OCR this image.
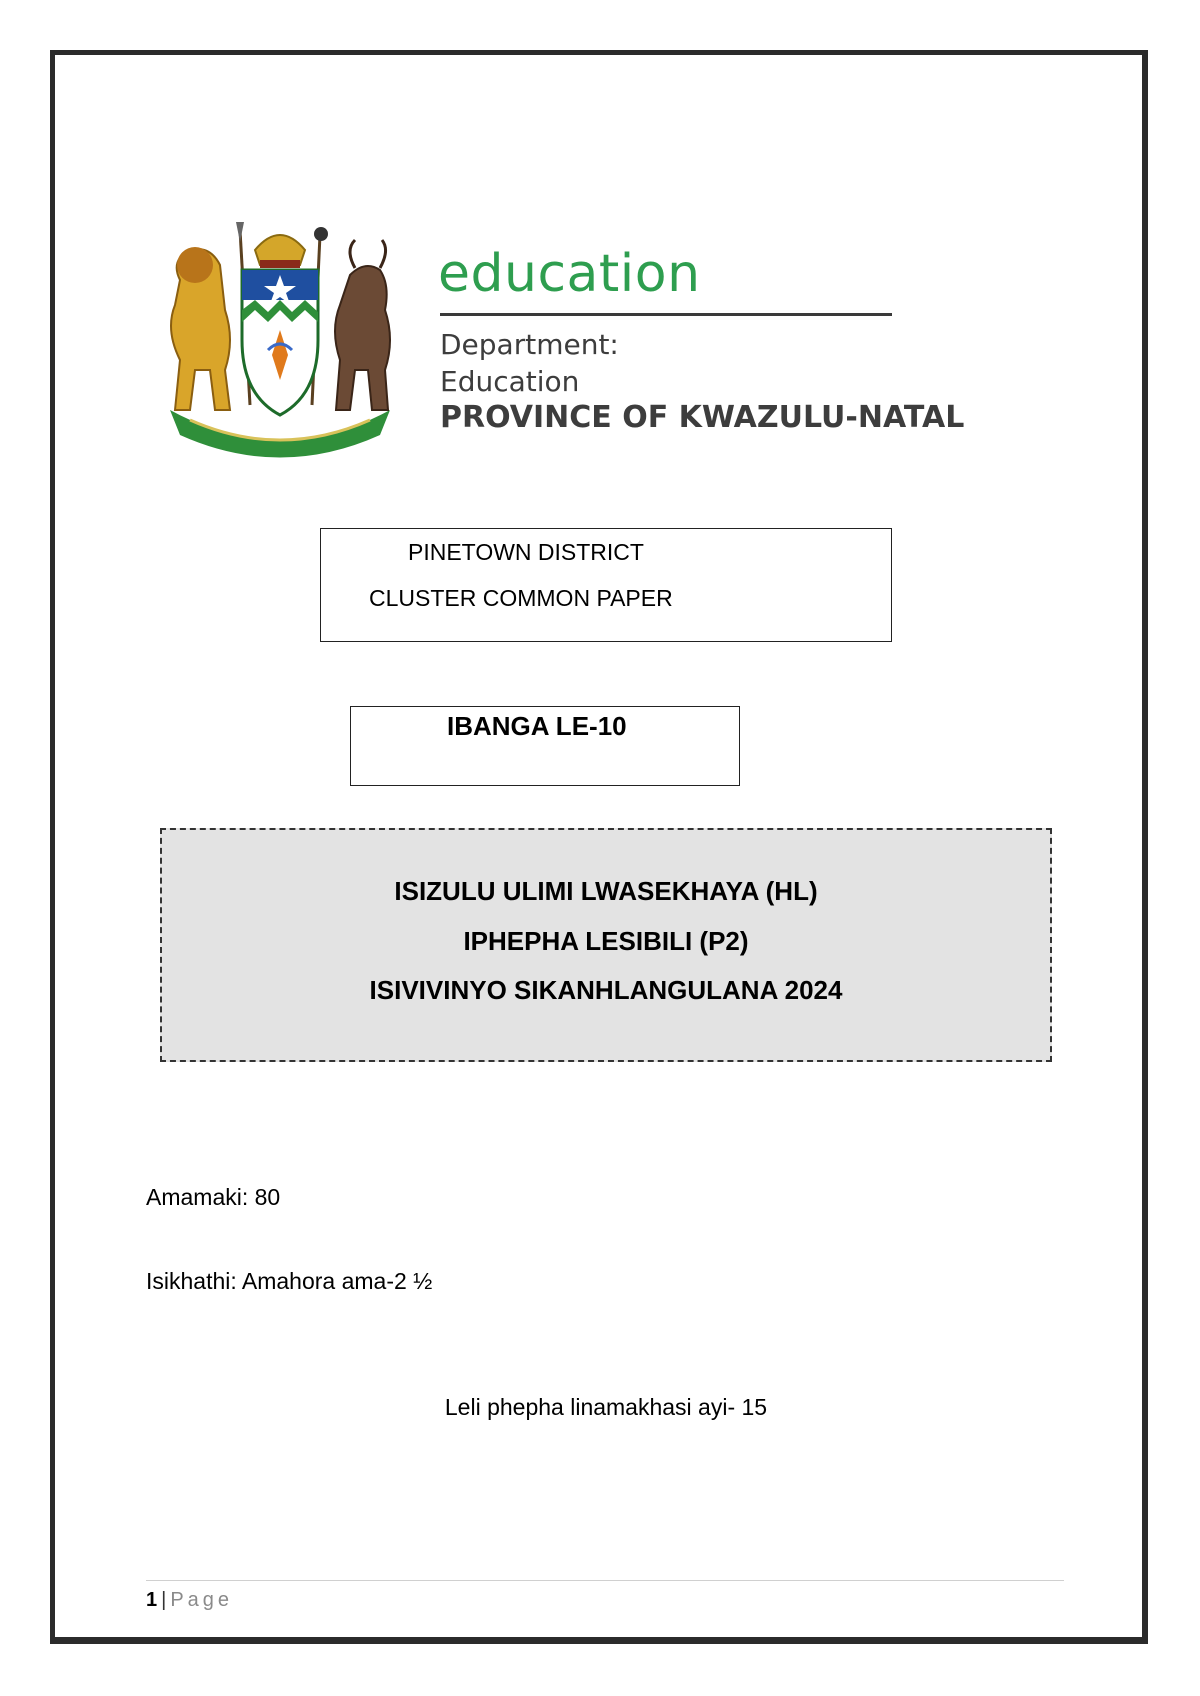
education
Department:
Education
PROVINCE OF KWAZULU-NATAL
PINETOWN DISTRICT
CLUSTER COMMON PAPER
IBANGA LE-10
ISIZULU ULIMI LWASEKHAYA (HL)
IPHEPHA LESIBILI (P2)
ISIVIVINYO SIKANHLANGULANA 2024
Amamaki: 80
Isikhathi: Amahora ama-2 ½
Leli phepha linamakhasi ayi- 15
1 | Page
